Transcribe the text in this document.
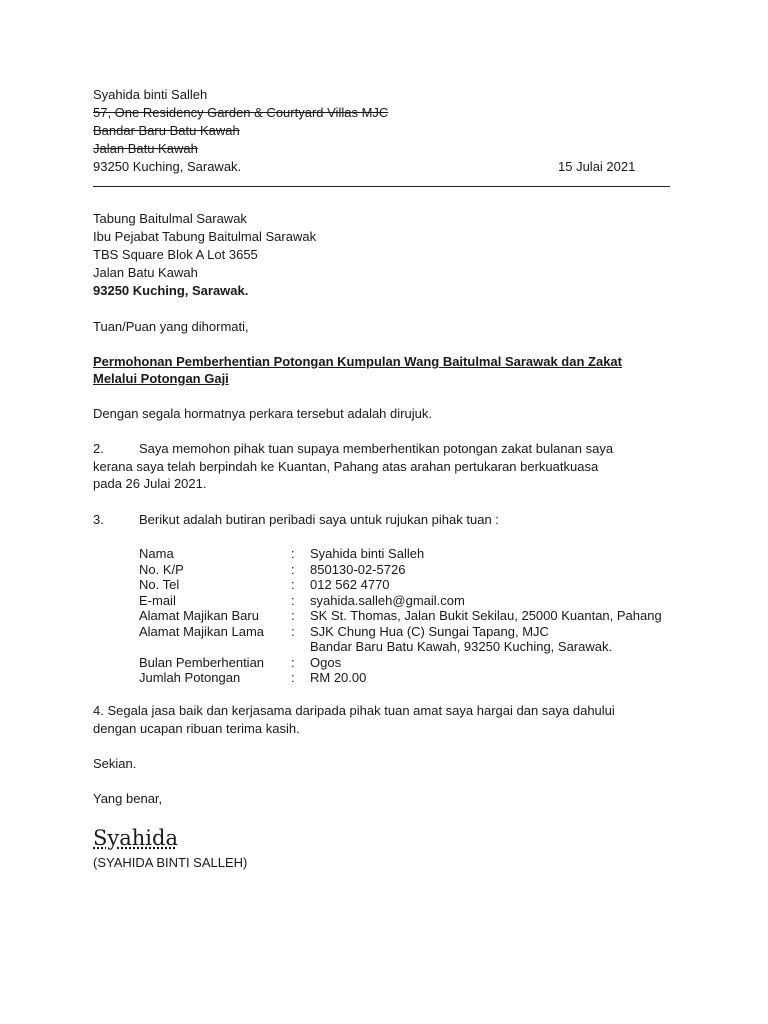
Syahida binti Salleh
57, One Residency Garden & Courtyard Villas MJC
Bandar Baru Batu Kawah
Jalan Batu Kawah
93250 Kuching, Sarawak.	15 Julai 2021
Tabung Baitulmal Sarawak
Ibu Pejabat Tabung Baitulmal Sarawak
TBS Square Blok A Lot 3655
Jalan Batu Kawah
93250 Kuching, Sarawak.
Tuan/Puan yang dihormati,
Permohonan Pemberhentian Potongan Kumpulan Wang Baitulmal Sarawak dan Zakat
Melalui Potongan Gaji
Dengan segala hormatnya perkara tersebut adalah dirujuk.
2.	Saya memohon pihak tuan supaya memberhentikan potongan zakat bulanan saya
kerana saya telah berpindah ke Kuantan, Pahang atas arahan pertukaran berkuatkuasa
pada 26 Julai 2021.
3.	Berikut adalah butiran peribadi saya untuk rujukan pihak tuan :
Nama	:	Syahida binti Salleh
No. K/P	:	850130-02-5726
No. Tel	:	012 562 4770
E-mail	:	syahida.salleh@gmail.com
Alamat Majikan Baru	:	SK St. Thomas, Jalan Bukit Sekilau, 25000 Kuantan, Pahang
Alamat Majikan Lama	:	SJK Chung Hua (C) Sungai Tapang, MJC
		Bandar Baru Batu Kawah, 93250 Kuching, Sarawak.
Bulan Pemberhentian	:	Ogos
Jumlah Potongan	:	RM 20.00
4. Segala jasa baik dan kerjasama daripada pihak tuan amat saya hargai dan saya dahului
dengan ucapan ribuan terima kasih.
Sekian.
Yang benar,
Syahida
(SYAHIDA BINTI SALLEH)
